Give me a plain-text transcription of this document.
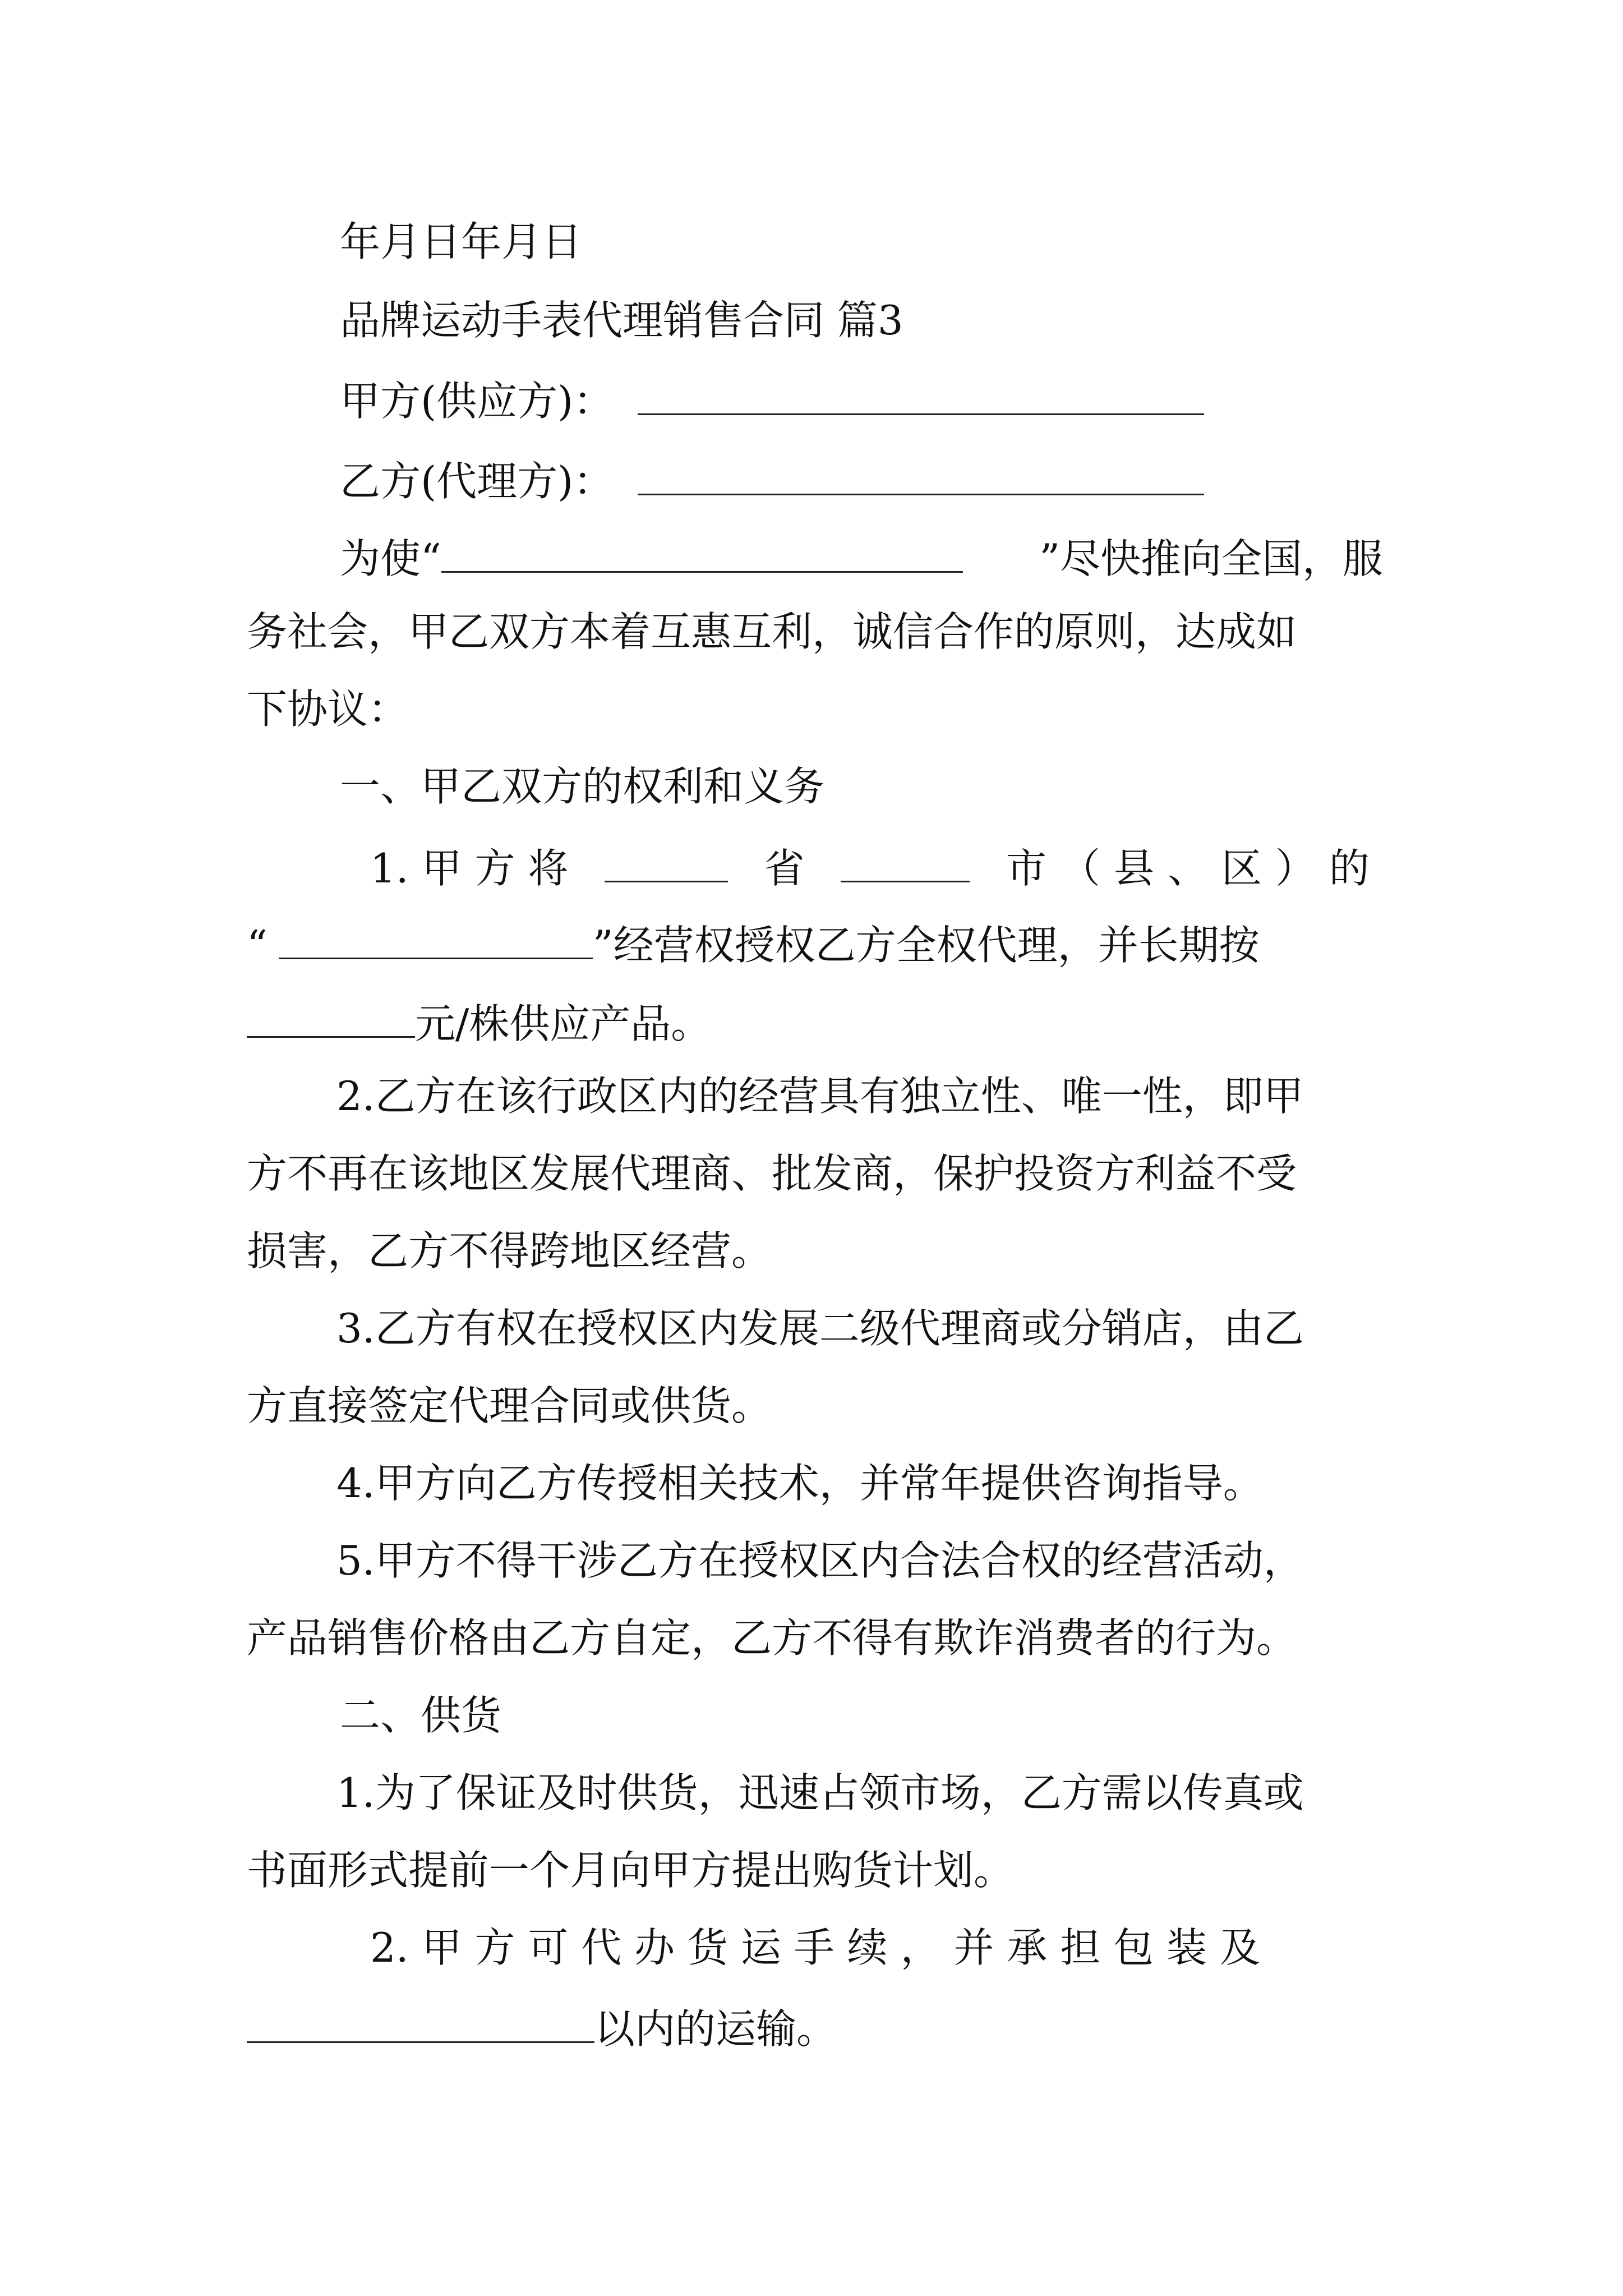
年月日年月日
品牌运动手表代理销售合同 篇3
甲方(供应方)：
乙方(代理方)：
为使“	”尽快推向全国，服
务社会，甲乙双方本着互惠互利，诚信合作的原则，达成如
下协议：
一、甲乙双方的权利和义务
1. 甲 方 将	省	市（县、区）的
“	”经营权授权乙方全权代理，并长期按
元/株供应产品。
2.乙方在该行政区内的经营具有独立性、唯一性，即甲
方不再在该地区发展代理商、批发商，保护投资方利益不受
损害，乙方不得跨地区经营。
3.乙方有权在授权区内发展二级代理商或分销店，由乙
方直接签定代理合同或供货。
4.甲方向乙方传授相关技术，并常年提供咨询指导。
5.甲方不得干涉乙方在授权区内合法合权的经营活动，
产品销售价格由乙方自定，乙方不得有欺诈消费者的行为。
二、供货
1.为了保证及时供货，迅速占领市场，乙方需以传真或
书面形式提前一个月向甲方提出购货计划。
2. 甲 方 可 代 办 货 运 手 续 ， 并 承 担 包 装 及
以内的运输。
